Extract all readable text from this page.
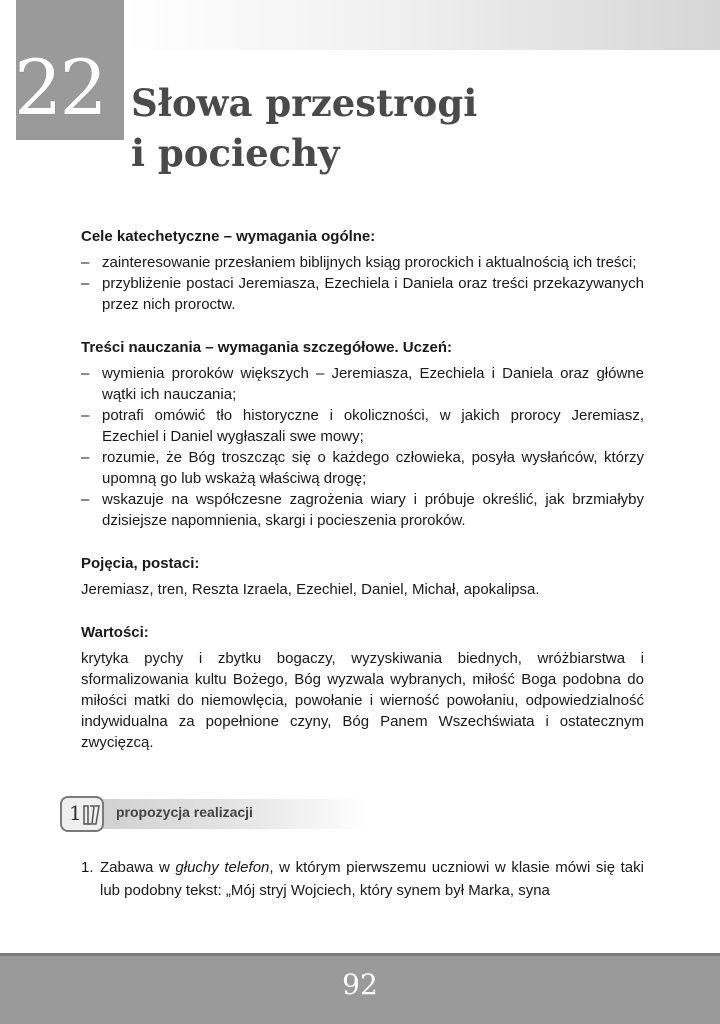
22 Słowa przestrogi
i pociechy
Cele katechetyczne – wymagania ogólne:
– zainteresowanie przesłaniem biblijnych ksiąg prorockich i aktualnością ich treści;
– przybliżenie postaci Jeremiasza, Ezechiela i Daniela oraz treści przekazywanych przez nich proroctw.
Treści nauczania – wymagania szczegółowe. Uczeń:
– wymienia proroków większych – Jeremiasza, Ezechiela i Daniela oraz główne wątki ich nauczania;
– potrafi omówić tło historyczne i okoliczności, w jakich prorocy Jeremiasz, Ezechiel i Daniel wygłaszali swe mowy;
– rozumie, że Bóg troszcząc się o każdego człowieka, posyła wysłańców, którzy upomną go lub wskażą właściwą drogę;
– wskazuje na współczesne zagrożenia wiary i próbuje określić, jak brzmiałyby dzisiejsze napomnienia, skargi i pocieszenia proroków.
Pojęcia, postaci:

Jeremiasz, tren, Reszta Izraela, Ezechiel, Daniel, Michał, apokalipsa.

Wartości:

krytyka pychy i zbytku bogaczy, wyzyskiwania biednych, wróżbiarstwa i sformalizowania kultu Bożego, Bóg wyzwala wybranych, miłość Boga podobna do miłości matki do niemowlęcia, powołanie i wierność powołaniu, odpowiedzialność indywidualna za popełnione czyny, Bóg Panem Wszechświata i ostatecznym zwycięzcą.

propozycja realizacji
1
1. Zabawa w głuchy telefon, w którym pierwszemu uczniowi w klasie mówi się taki lub podobny tekst: „Mój stryj Wojciech, który synem był Marka, syna
92
